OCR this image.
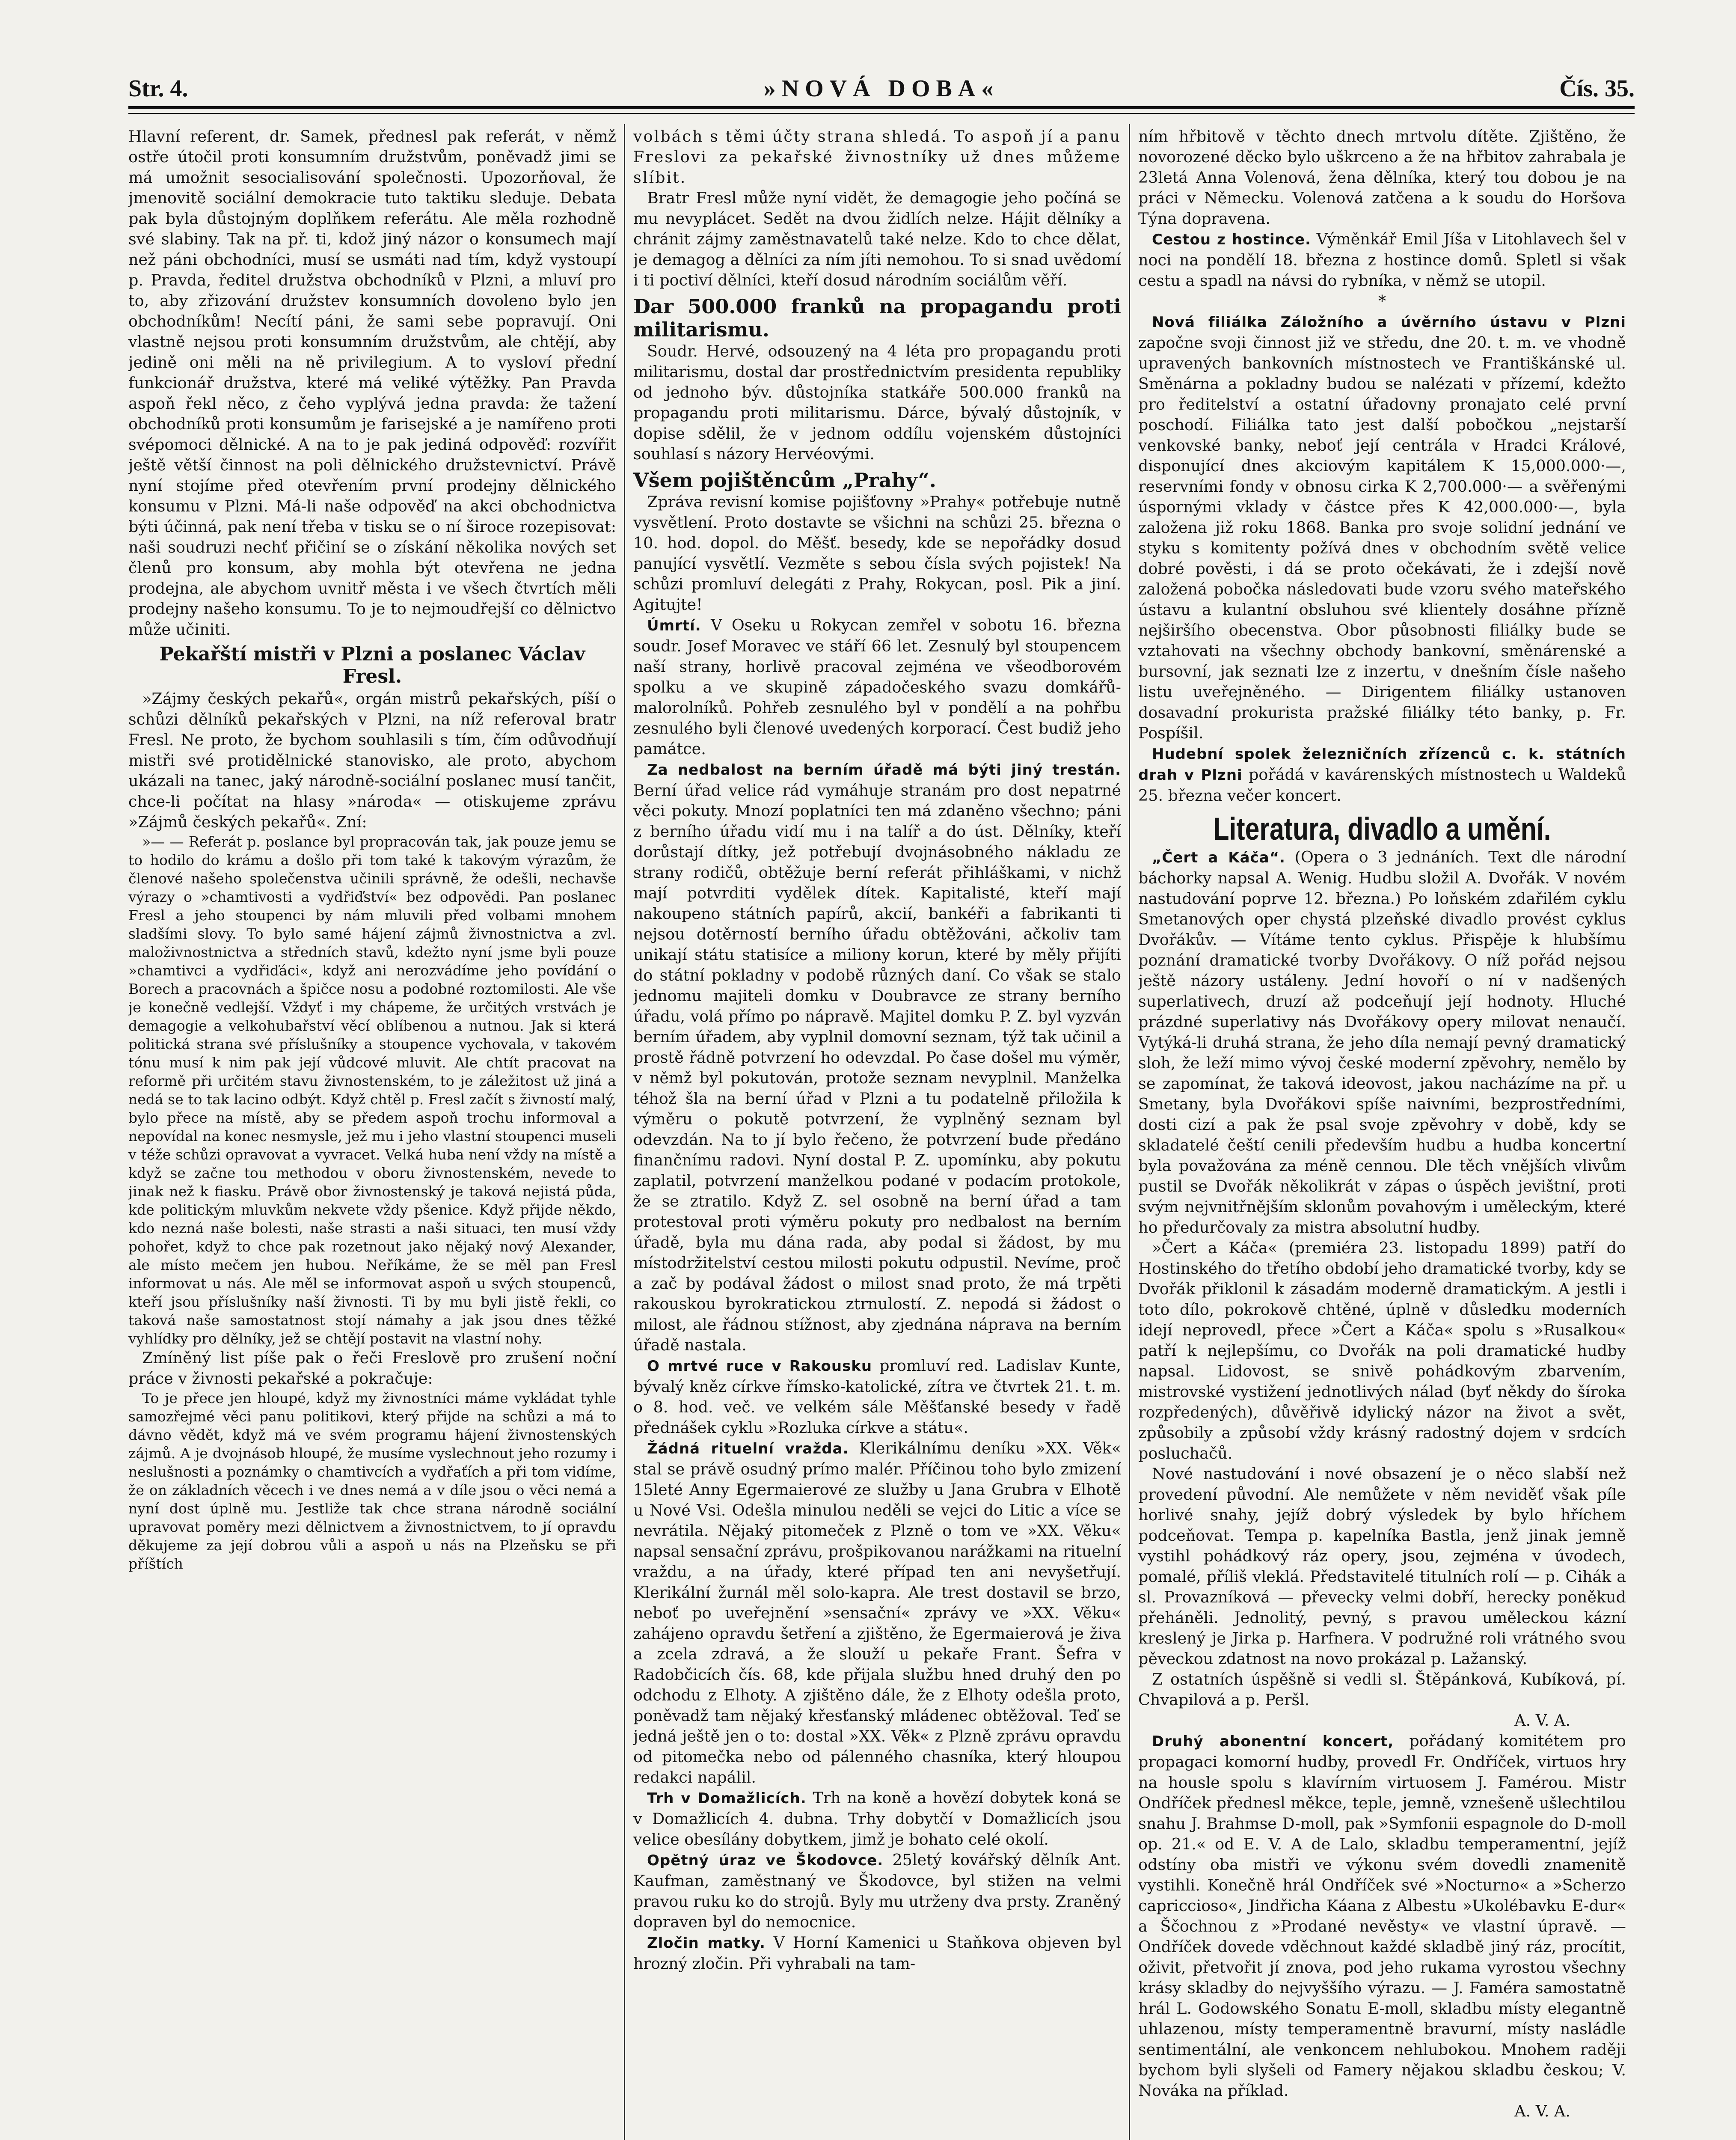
Str. 4.	»NOVÁ DOBA«	Čís. 35.

Hlavní referent, dr. Samek, přednesl pak referát, v němž ostře útočil proti konsumním družstvům, poněvadž jimi se má umožnit sesocialisování společnosti. Upozorňoval, že jmenovitě sociální demokracie tuto taktiku sleduje. Debata pak byla důstojným doplňkem referátu. Ale měla rozhodně své slabiny. Tak na př. ti, kdož jiný názor o konsumech mají než páni obchodníci, musí se usmáti nad tím, když vystoupí p. Pravda, ředitel družstva obchodníků v Plzni, a mluví pro to, aby zřizování družstev konsumních dovoleno bylo jen obchodníkům! Necítí páni, že sami sebe popravují. Oni vlastně nejsou proti konsumním družstvům, ale chtějí, aby jedině oni měli na ně privilegium. A to vysloví přední funkcionář družstva, které má veliké výtěžky. Pan Pravda aspoň řekl něco, z čeho vyplývá jedna pravda: že tažení obchodníků proti konsumům je farisejské a je namířeno proti svépomoci dělnické. A na to je pak jediná odpověď: rozvířit ještě větší činnost na poli dělnického družstevnictví. Právě nyní stojíme před otevřením první prodejny dělnického konsumu v Plzni. Má-li naše odpověď na akci obchodnictva býti účinná, pak není třeba v tisku se o ní široce rozepisovat: naši soudruzi nechť přičiní se o získání několika nových set členů pro konsum, aby mohla být otevřena ne jedna prodejna, ale abychom uvnitř města i ve všech čtvrtích měli prodejny našeho konsumu. To je to nejmoudřejší co dělnictvo může učiniti.

Pekařští mistři v Plzni a poslanec Václav Fresl.

»Zájmy českých pekařů«, orgán mistrů pekařských, píší o schůzi dělníků pekařských v Plzni, na níž referoval bratr Fresl. Ne proto, že bychom souhlasili s tím, čím odůvodňují mistři své protidělnické stanovisko, ale proto, abychom ukázali na tanec, jaký národně-sociální poslanec musí tančit, chce-li počítat na hlasy »národa« — otiskujeme zprávu »Zájmů českých pekařů«. Zní:

»— — Referát p. poslance byl propracován tak, jak pouze jemu se to hodilo do krámu a došlo při tom také k takovým výrazům, že členové našeho společenstva učinili správně, že odešli, nechavše výrazy o »chamtivosti a vydřiďství« bez odpovědi. Pan poslanec Fresl a jeho stoupenci by nám mluvili před volbami mnohem sladšími slovy. To bylo samé hájení zájmů živnostnictva a zvl. maloživnostnictva a středních stavů, kdežto nyní jsme byli pouze »chamtivci a vydřiďáci«, když ani nerozvádíme jeho povídání o Borech a pracovnách a špičce nosu a podobné roztomilosti. Ale vše je konečně vedlejší. Vždyť i my chápeme, že určitých vrstvách je demagogie a velkohubařství věcí oblíbenou a nutnou. Jak si která politická strana své příslušníky a stoupence vychovala, v takovém tónu musí k nim pak její vůdcové mluvit. Ale chtít pracovat na reformě při určitém stavu živnostenském, to je záležitost už jiná a nedá se to tak lacino odbýt. Když chtěl p. Fresl začít s živností malý, bylo přece na místě, aby se předem aspoň trochu informoval a nepovídal na konec nesmysle, jež mu i jeho vlastní stoupenci museli v téže schůzi opravovat a vyvracet. Velká huba není vždy na místě a když se začne tou methodou v oboru živnostenském, nevede to jinak než k fiasku. Právě obor živnostenský je taková nejistá půda, kde politickým mluvkům nekvete vždy pšenice. Když přijde někdo, kdo nezná naše bolesti, naše strasti a naši situaci, ten musí vždy pohořet, když to chce pak rozetnout jako nějaký nový Alexander, ale místo mečem jen hubou. Neříkáme, že se měl pan Fresl informovat u nás. Ale měl se informovat aspoň u svých stoupenců, kteří jsou příslušníky naší živnosti. Ti by mu byli jistě řekli, co taková naše samostatnost stojí námahy a jak jsou dnes těžké vyhlídky pro dělníky, jež se chtějí postavit na vlastní nohy.

Zmíněný list píše pak o řeči Freslově pro zrušení noční práce v živnosti pekařské a pokračuje:

To je přece jen hloupé, když my živnostníci máme vykládat tyhle samozřejmé věci panu politikovi, který přijde na schůzi a má to dávno vědět, když má ve svém programu hájení živnostenských zájmů. A je dvojnásob hloupé, že musíme vyslechnout jeho rozumy i neslušnosti a poznámky o chamtivcích a vydřaťích a při tom vidíme, že on základních věcech i ve dnes nemá a v díle jsou o věci nemá a nyní dost úplně mu. Jestliže tak chce strana národně sociální upravovat poměry mezi dělnictvem a živnostnictvem, to jí opravdu děkujeme za její dobrou vůli a aspoň u nás na Plzeňsku se při příštích

volbách s těmi účty strana shledá. To aspoň jí a panu Freslovi za pekařské živnostníky už dnes můžeme slíbit.

Bratr Fresl může nyní vidět, že demagogie jeho počíná se mu nevyplácet. Sedět na dvou židlích nelze. Hájit dělníky a chránit zájmy zaměstnavatelů také nelze. Kdo to chce dělat, je demagog a dělníci za ním jíti nemohou. To si snad uvědomí i ti poctiví dělníci, kteří dosud národním sociálům věří.

Dar 500.000 franků na propagandu proti militarismu.

Soudr. Hervé, odsouzený na 4 léta pro propagandu proti militarismu, dostal dar prostřednictvím presidenta republiky od jednoho býv. důstojníka statkáře 500.000 franků na propagandu proti militarismu. Dárce, bývalý důstojník, v dopise sdělil, že v jednom oddílu vojenském důstojníci souhlasí s názory Hervéovými.

Všem pojištěncům „Prahy“.

Zpráva revisní komise pojišťovny »Prahy« potřebuje nutně vysvětlení. Proto dostavte se všichni na schůzi 25. března o 10. hod. dopol. do Měšť. besedy, kde se nepořádky dosud panující vysvětlí. Vezměte s sebou čísla svých pojistek! Na schůzi promluví delegáti z Prahy, Rokycan, posl. Pik a jiní. Agitujte!

Úmrtí. V Oseku u Rokycan zemřel v sobotu 16. března soudr. Josef Moravec ve stáří 66 let. Zesnulý byl stoupencem naší strany, horlivě pracoval zejména ve všeodborovém spolku a ve skupině západočeského svazu domkářů-malorolníků. Pohřeb zesnulého byl v pondělí a na pohřbu zesnulého byli členové uvedených korporací. Čest budiž jeho památce.

Za nedbalost na berním úřadě má býti jiný trestán. Berní úřad velice rád vymáhuje stranám pro dost nepatrné věci pokuty. Mnozí poplatníci ten má zdaněno všechno; páni z berního úřadu vidí mu i na talíř a do úst. Dělníky, kteří dorůstají dítky, jež potřebují dvojnásobného nákladu ze strany rodičů, obtěžuje berní referát přihláškami, v nichž mají potvrditi vydělek dítek. Kapitalisté, kteří mají nakoupeno státních papírů, akcií, bankéři a fabrikanti ti nejsou dotěrností berního úřadu obtěžováni, ačkoliv tam unikají státu statisíce a miliony korun, které by měly přijíti do státní pokladny v podobě různých daní. Co však se stalo jednomu majiteli domku v Doubravce ze strany berního úřadu, volá přímo po nápravě. Majitel domku P. Z. byl vyzván berním úřadem, aby vyplnil domovní seznam, týž tak učinil a prostě řádně potvrzení ho odevzdal. Po čase došel mu výměr, v němž byl pokutován, protože seznam nevyplnil. Manželka téhož šla na berní úřad v Plzni a tu podatelně přiložila k výměru o pokutě potvrzení, že vyplněný seznam byl odevzdán. Na to jí bylo řečeno, že potvrzení bude předáno finančnímu radovi. Nyní dostal P. Z. upomínku, aby pokutu zaplatil, potvrzení manželkou podané v podacím protokole, že se ztratilo. Když Z. sel osobně na berní úřad a tam protestoval proti výměru pokuty pro nedbalost na berním úřadě, byla mu dána rada, aby podal si žádost, by mu místodržitelství cestou milosti pokutu odpustil. Nevíme, proč a zač by podával žádost o milost snad proto, že má trpěti rakouskou byrokratickou ztrnulostí. Z. nepodá si žádost o milost, ale řádnou stížnost, aby zjednána náprava na berním úřadě nastala.

O mrtvé ruce v Rakousku promluví red. Ladislav Kunte, bývalý kněz církve římsko-katolické, zítra ve čtvrtek 21. t. m. o 8. hod. več. ve velkém sále Měšťanské besedy v řadě přednášek cyklu »Rozluka církve a státu«.

Žádná rituelní vražda. Klerikálnímu deníku »XX. Věk« stal se právě osudný prímo malér. Příčinou toho bylo zmizení 15leté Anny Egermaierové ze služby u Jana Grubra v Elhotě u Nové Vsi. Odešla minulou neděli se vejci do Litic a více se nevrátila. Nějaký pitomeček z Plzně o tom ve »XX. Věku« napsal sensační zprávu, prošpikovanou narážkami na rituelní vraždu, a na úřady, které případ ten ani nevyšetřují. Klerikální žurnál měl solo-kapra. Ale trest dostavil se brzo, neboť po uveřejnění »sensační« zprávy ve »XX. Věku« zahájeno opravdu šetření a zjištěno, že Egermaierová je živa a zcela zdravá, a že slouží u pekaře Frant. Šefra v Radobčicích čís. 68, kde přijala službu hned druhý den po odchodu z Elhoty. A zjištěno dále, že z Elhoty odešla proto, poněvadž tam nějaký křesťanský mládenec obtěžoval. Teď se jedná ještě jen o to: dostal »XX. Věk« z Plzně zprávu opravdu od pitomečka nebo od pálenného chasníka, který hloupou redakci napálil.

Trh v Domažlicích. Trh na koně a hovězí dobytek koná se v Domažlicích 4. dubna. Trhy dobytčí v Domažlicích jsou velice obesílány dobytkem, jimž je bohato celé okolí.

Opětný úraz ve Škodovce. 25letý kovářský dělník Ant. Kaufman, zaměstnaný ve Škodovce, byl stižen na velmi pravou ruku ko do strojů. Byly mu utrženy dva prsty. Zraněný dopraven byl do nemocnice.

Zločin matky. V Horní Kamenici u Staňkova objeven byl hrozný zločin. Při vyhrabali na tam-

ním hřbitově v těchto dnech mrtvolu dítěte. Zjištěno, že novorozené děcko bylo uškrceno a že na hřbitov zahrabala je 23letá Anna Volenová, žena dělníka, který tou dobou je na práci v Německu. Volenová zatčena a k soudu do Horšova Týna dopravena.

Cestou z hostince. Výměnkář Emil Jíša v Litohlavech šel v noci na pondělí 18. března z hostince domů. Spletl si však cestu a spadl na návsi do rybníka, v němž se utopil.

*

Nová filiálka Záložního a úvěrního ústavu v Plzni započne svoji činnost již ve středu, dne 20. t. m. ve vhodně upravených bankovních místnostech ve Františkánské ul. Směnárna a pokladny budou se nalézati v přízemí, kdežto pro ředitelství a ostatní úřadovny pronajato celé první poschodí. Filiálka tato jest další pobočkou „nejstarší venkovské banky, neboť její centrála v Hradci Králové, disponující dnes akciovým kapitálem K 15,000.000·—, reservními fondy v obnosu cirka K 2,700.000·— a svěřenými úspornými vklady v částce přes K 42,000.000·—, byla založena již roku 1868. Banka pro svoje solidní jednání ve styku s komitenty požívá dnes v obchodním světě velice dobré pověsti, i dá se proto očekávati, že i zdejší nově založená pobočka následovati bude vzoru svého mateřského ústavu a kulantní obsluhou své klientely dosáhne přízně nejširšího obecenstva. Obor působnosti filiálky bude se vztahovati na všechny obchody bankovní, směnárenské a bursovní, jak seznati lze z inzertu, v dnešním čísle našeho listu uveřejněného. — Dirigentem filiálky ustanoven dosavadní prokurista pražské filiálky této banky, p. Fr. Pospíšil.

Hudební spolek železničních zřízenců c. k. státních drah v Plzni pořádá v kavárenských místnostech u Waldeků 25. března večer koncert.

Literatura, divadlo a umění.

„Čert a Káča“. (Opera o 3 jednáních. Text dle národní báchorky napsal A. Wenig. Hudbu složil A. Dvořák. V novém nastudování poprve 12. března.) Po loňském zdařilém cyklu Smetanových oper chystá plzeňské divadlo provést cyklus Dvořákův. — Vítáme tento cyklus. Přispěje k hlubšímu poznání dramatické tvorby Dvořákovy. O níž pořád nejsou ještě názory ustáleny. Jední hovoří o ní v nadšených superlativech, druzí až podceňují její hodnoty. Hluché prázdné superlativy nás Dvořákovy opery milovat nenaučí. Vytýká-li druhá strana, že jeho díla nemají pevný dramatický sloh, že leží mimo vývoj české moderní zpěvohry, nemělo by se zapomínat, že taková ideovost, jakou nacházíme na př. u Smetany, byla Dvořákovi spíše naivními, bezprostředními, dosti cizí a pak že psal svoje zpěvohry v době, kdy se skladatelé čeští cenili především hudbu a hudba koncertní byla považována za méně cennou. Dle těch vnějších vlivům pustil se Dvořák několikrát v zápas o úspěch jevištní, proti svým nejvnitřnějším sklonům povahovým i uměleckým, které ho předurčovaly za mistra absolutní hudby.

»Čert a Káča« (premiéra 23. listopadu 1899) patří do Hostinského do třetího období jeho dramatické tvorby, kdy se Dvořák přiklonil k zásadám moderně dramatickým. A jestli i toto dílo, pokrokově chtěné, úplně v důsledku moderních idejí neprovedl, přece »Čert a Káča« spolu s »Rusalkou« patří k nejlepšímu, co Dvořák na poli dramatické hudby napsal. Lidovost, se snivě pohádkovým zbarvením, mistrovské vystižení jednotlivých nálad (byť někdy do šíroka rozpředených), důvěřivě idylický názor na život a svět, způsobily a způsobí vždy krásný radostný dojem v srdcích posluchačů.

Nové nastudování i nové obsazení je o něco slabší než provedení původní. Ale nemůžete v něm neviděť však píle horlivé snahy, jejíž dobrý výsledek by bylo hříchem podceňovat. Tempa p. kapelníka Bastla, jenž jinak jemně vystihl pohádkový ráz opery, jsou, zejména v úvodech, pomalé, příliš vleklá. Představitelé titulních rolí — p. Cihák a sl. Provazníková — převecky velmi dobří, herecky poněkud přeháněli. Jednolitý, pevný, s pravou uměleckou kázní kreslený je Jirka p. Harfnera. V podružné roli vrátného svou pěveckou zdatnost na novo prokázal p. Lažanský.

Z ostatních úspěšně si vedli sl. Štěpánková, Kubíková, pí. Chvapilová a p. Peršl.

A. V. A.

Druhý abonentní koncert, pořádaný komitétem pro propagaci komorní hudby, provedl Fr. Ondříček, virtuos hry na housle spolu s klavírním virtuosem J. Famérou. Mistr Ondříček přednesl měkce, teple, jemně, vznešeně ušlechtilou snahu J. Brahmse D-moll, pak »Symfonii espagnole do D-moll op. 21.« od E. V. A de Lalo, skladbu temperamentní, jejíž odstíny oba mistři ve výkonu svém dovedli znamenitě vystihli. Konečně hrál Ondříček své »Nocturno« a »Scherzo capriccioso«, Jindřicha Káana z Albestu »Ukolébavku E-dur« a Ščochnou z »Prodané nevěsty« ve vlastní úpravě. — Ondříček dovede vděchnout každé skladbě jiný ráz, procítit, oživit, přetvořit jí znova, pod jeho rukama vyrostou všechny krásy skladby do nejvyššího výrazu. — J. Faméra samostatně hrál L. Godowského Sonatu E-moll, skladbu místy elegantně uhlazenou, místy temperamentně bravurní, místy nasládle sentimentální, ale venkoncem nehlubokou. Mnohem raději bychom byli slyšeli od Famery nějakou skladbu českou; V. Nováka na příklad.

A. V. A.
